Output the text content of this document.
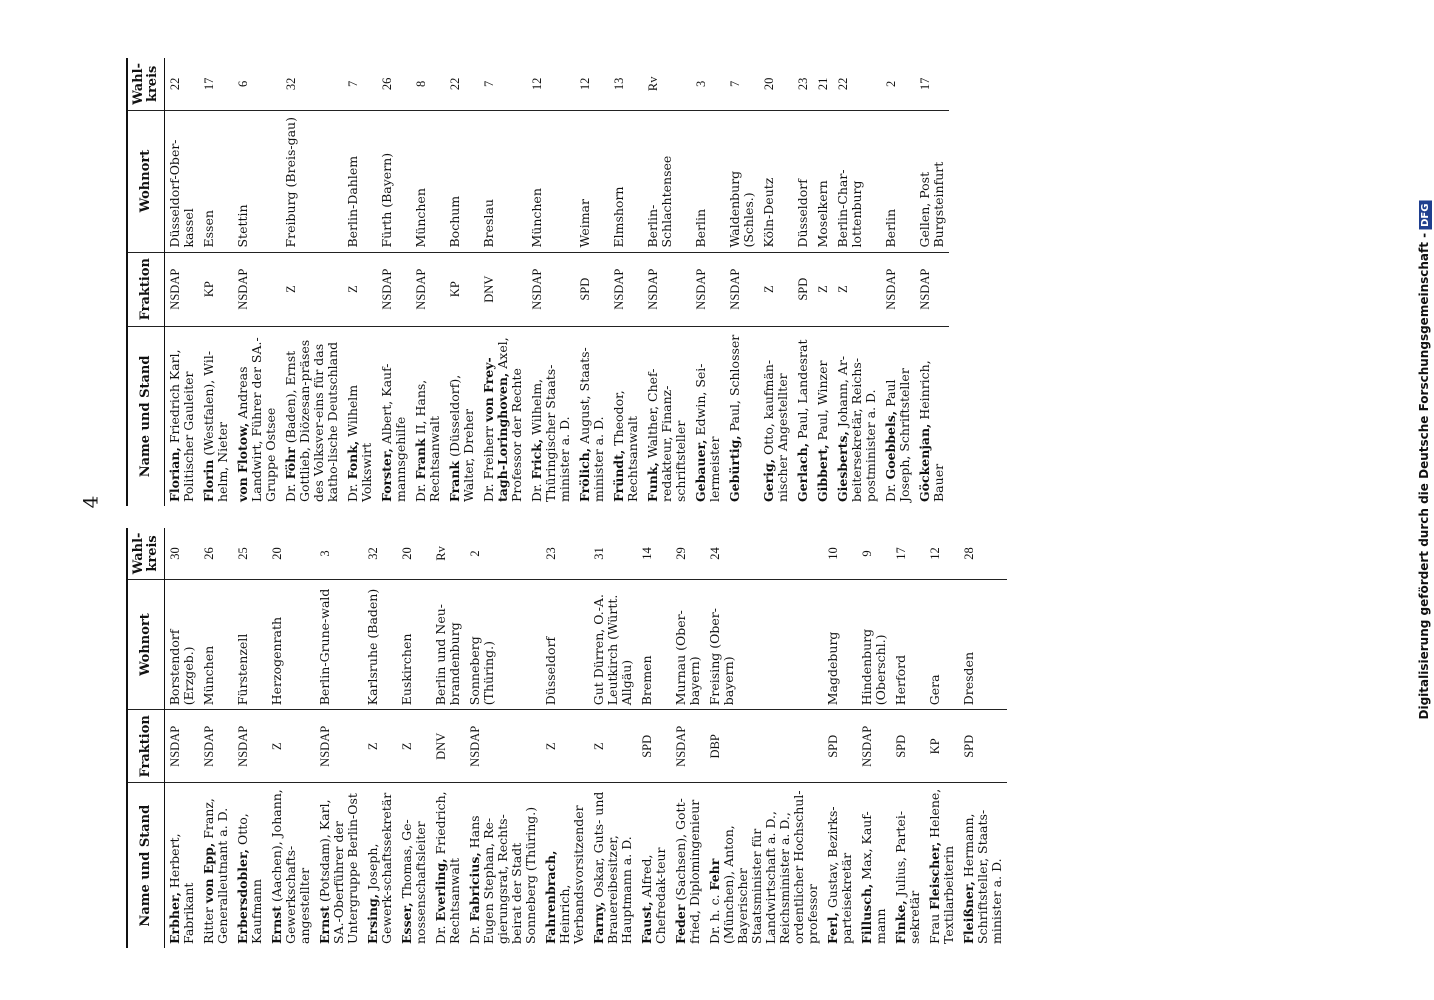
4
Name und Stand	Fraktion	Wohnort	Wahl-kreis
Erbher, Herbert, Fabrikant	NSDAP	Borstendorf (Erzgeb.)	30
Ritter von Epp, Franz, Generalleutnant a. D.	NSDAP	München	26
Erbersdobler, Otto, Kaufmann	NSDAP	Fürstenzell	25
Ernst (Aachen), Johann, Gewerkschafts-angestellter	Z	Herzogenrath	20
Ernst (Potsdam), Karl, SA.-Oberführer der Untergruppe Berlin-Ost	NSDAP	Berlin-Grune-wald	3
Ersing, Joseph, Gewerk-schaftssekretär	Z	Karlsruhe (Baden)	32
Esser, Thomas, Ge-nossenschaftsleiter	Z	Euskirchen	20
Dr. Everling, Friedrich, Rechtsanwalt	DNV	Berlin und Neu-brandenburg	Rv
Dr. Fabricius, Hans Eugen Stephan, Re-gierungsrat, Rechts-beirat der Stadt Sonneberg (Thüring.)	NSDAP	Sonneberg (Thüring.)	2
Fahrenbrach, Heinrich, Verbandsvorsitzender	Z	Düsseldorf	23
Farny, Oskar, Guts- und Brauereibesitzer, Hauptmann a. D.	Z	Gut Dürren, O.-A. Leutkirch (Württ. Allgäu)	31
Faust, Alfred, Chefredak-teur	SPD	Bremen	14
Feder (Sachsen), Gott-fried, Diplomingenieur	NSDAP	Murnau (Ober-bayern)	29
Dr. h. c. Fehr (München), Anton, Bayerischer Staatsminister für Landwirtschaft a. D., Reichsminister a. D., ordentlicher Hochschul-professor	DBP	Freising (Ober-bayern)	24
Ferl, Gustav, Bezirks-parteisekretär	SPD	Magdeburg	10
Fillusch, Max, Kauf-mann	NSDAP	Hindenburg (Oberschl.)	9
Finke, Julius, Partei-sekretär	SPD	Herford	17
Frau Fleischer, Helene, Textilarbeiterin	KP	Gera	12
Fleißner, Hermann, Schriftsteller, Staats-minister a. D.	SPD	Dresden	28
Name und Stand	Fraktion	Wohnort	Wahl-kreis
Florian, Friedrich Karl, Politischer Gauleiter	NSDAP	Düsseldorf-Ober-kassel	22
Florin (Westfalen), Wil-helm, Nieter	KP	Essen	17
von Flotow, Andreas Landwirt, Führer der SA.-Gruppe Ostsee	NSDAP	Stettin	6
Dr. Föhr (Baden), Ernst Gottlieb, Diözesan-präses des Volksver-eins für das katho-lische Deutschland	Z	Freiburg (Breis-gau)	32
Dr. Fonk, Wilhelm Volkswirt	Z	Berlin-Dahlem	7
Forster, Albert, Kauf-mannsgehilfe	NSDAP	Fürth (Bayern)	26
Dr. Frank II, Hans, Rechtsanwalt	NSDAP	München	8
Frank (Düsseldorf), Walter, Dreher	KP	Bochum	22
Dr. Freiherr von Frey-tagh-Loringhoven, Axel, Professor der Rechte	DNV	Breslau	7
Dr. Frick, Wilhelm, Thüringischer Staats-minister a. D.	NSDAP	München	12
Frölich, August, Staats-minister a. D.	SPD	Weimar	12
Fründt, Theodor, Rechtsanwalt	NSDAP	Elmshorn	13
Funk, Walther, Chef-redakteur, Finanz-schriftsteller	NSDAP	Berlin-Schlachtensee	Rv
Gebauer, Edwin, Sei-lermeister	NSDAP	Berlin	3
Gebürtig, Paul, Schlosser	NSDAP	Waldenburg (Schles.)	7
Gerig, Otto, kaufmän-nischer Angestellter	Z	Köln-Deutz	20
Gerlach, Paul, Landesrat	SPD	Düsseldorf	23
Gibbert, Paul, Winzer	Z	Moselkern	21
Giesberts, Johann, Ar-beitersekretär, Reichs-postminister a. D.	Z	Berlin-Char-lottenburg	22
Dr. Goebbels, Paul Joseph, Schriftsteller	NSDAP	Berlin	2
Göckenjan, Heinrich, Bauer	NSDAP	Gellen, Post Burgsteinfurt	17
Digitalisierung gefördert durch die Deutsche Forschungsgemeinschaft -DFG
